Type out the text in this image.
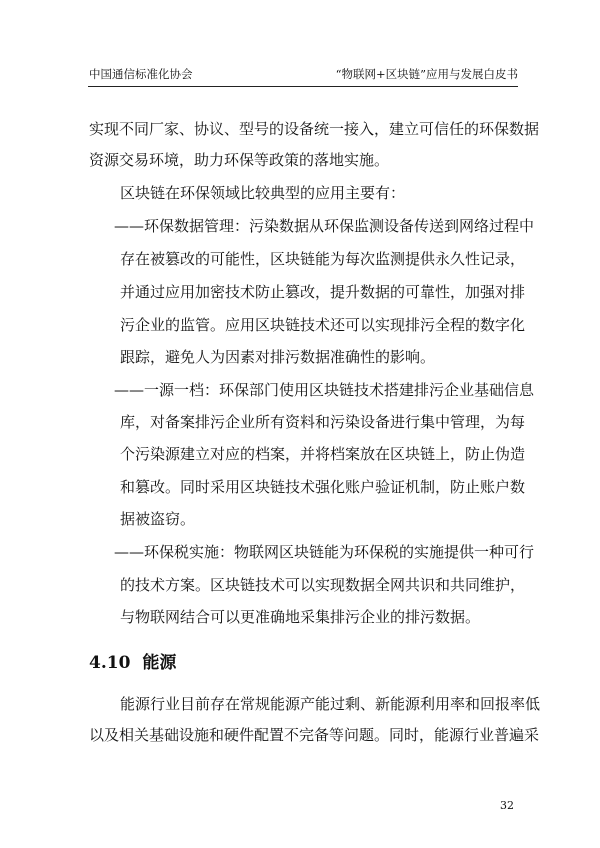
中国通信标准化协会	“物联网+区块链”应用与发展白皮书
实现不同厂家、协议、型号的设备统一接入，建立可信任的环保数据
资源交易环境，助力环保等政策的落地实施。
区块链在环保领域比较典型的应用主要有：
——环保数据管理：污染数据从环保监测设备传送到网络过程中
存在被篡改的可能性，区块链能为每次监测提供永久性记录，
并通过应用加密技术防止篡改，提升数据的可靠性，加强对排
污企业的监管。应用区块链技术还可以实现排污全程的数字化
跟踪，避免人为因素对排污数据准确性的影响。
——一源一档：环保部门使用区块链技术搭建排污企业基础信息
库，对备案排污企业所有资料和污染设备进行集中管理，为每
个污染源建立对应的档案，并将档案放在区块链上，防止伪造
和篡改。同时采用区块链技术强化账户验证机制，防止账户数
据被盗窃。
——环保税实施：物联网区块链能为环保税的实施提供一种可行
的技术方案。区块链技术可以实现数据全网共识和共同维护，
与物联网结合可以更准确地采集排污企业的排污数据。
4.10 能源
能源行业目前存在常规能源产能过剩、新能源利用率和回报率低
以及相关基础设施和硬件配置不完备等问题。同时，能源行业普遍采
32
